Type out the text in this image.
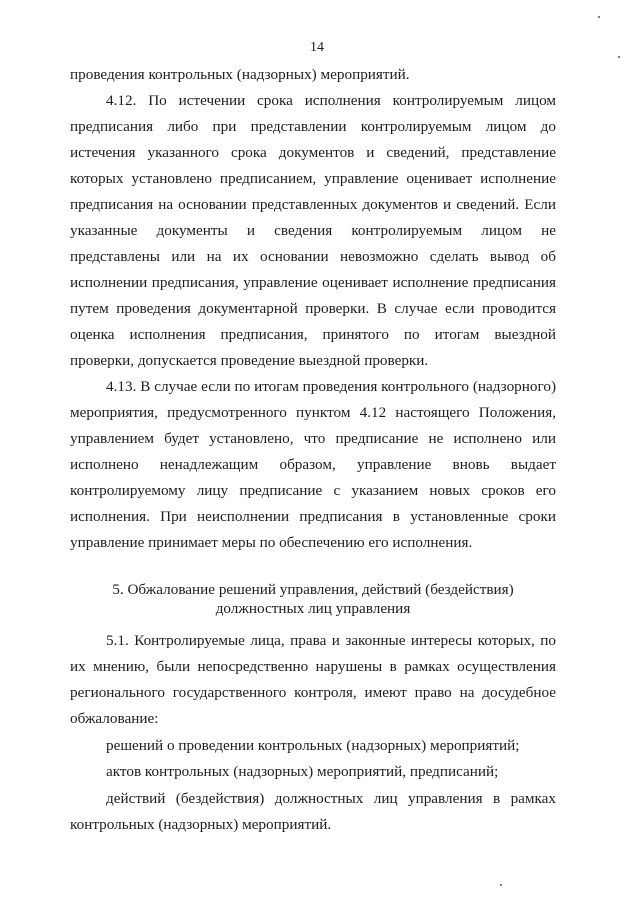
14

проведения контрольных (надзорных) мероприятий.

4.12. По истечении срока исполнения контролируемым лицом предписания либо при представлении контролируемым лицом до истечения указанного срока документов и сведений, представление которых установлено предписанием, управление оценивает исполнение предписания на основании представленных документов и сведений. Если указанные документы и сведения контролируемым лицом не представлены или на их основании невозможно сделать вывод об исполнении предписания, управление оценивает исполнение предписания путем проведения документарной проверки. В случае если проводится оценка исполнения предписания, принятого по итогам выездной проверки, допускается проведение выездной проверки.

4.13. В случае если по итогам проведения контрольного (надзорного) мероприятия, предусмотренного пунктом 4.12 настоящего Положения, управлением будет установлено, что предписание не исполнено или исполнено ненадлежащим образом, управление вновь выдает контролируемому лицу предписание с указанием новых сроков его исполнения. При неисполнении предписания в установленные сроки управление принимает меры по обеспечению его исполнения.

5. Обжалование решений управления, действий (бездействия)
должностных лиц управления

5.1. Контролируемые лица, права и законные интересы которых, по их мнению, были непосредственно нарушены в рамках осуществления регионального государственного контроля, имеют право на досудебное обжалование:

решений о проведении контрольных (надзорных) мероприятий;

актов контрольных (надзорных) мероприятий, предписаний;

действий (бездействия) должностных лиц управления в рамках контрольных (надзорных) мероприятий.
